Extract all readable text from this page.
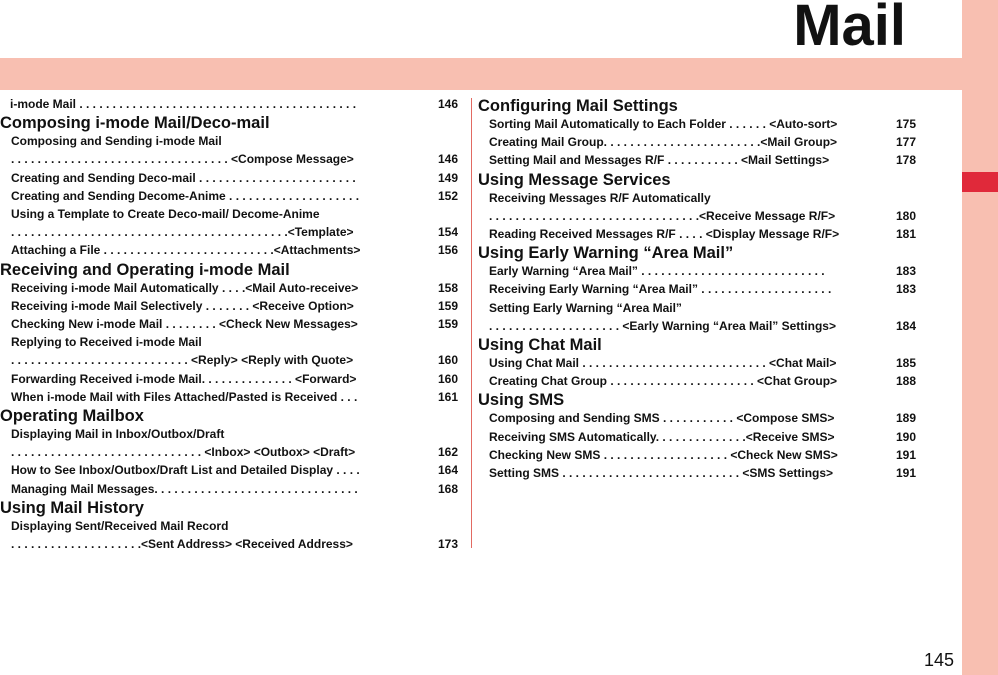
Mail
i-mode Mail . . . . . . . . . . . . . . . . . . . . . . . . . . . . . . . . . . . . . . . . . .	146
Composing i-mode Mail/Deco-mail
Composing and Sending i-mode Mail
. . . . . . . . . . . . . . . . . . . . . . . . . . . . . . . . . <Compose Message>	146
Creating and Sending Deco-mail . . . . . . . . . . . . . . . . . . . . . . . .	149
Creating and Sending Decome-Anime . . . . . . . . . . . . . . . . . . . .	152
Using a Template to Create Deco-mail/ Decome-Anime
. . . . . . . . . . . . . . . . . . . . . . . . . . . . . . . . . . . . . . . . . .<Template>	154
Attaching a File . . . . . . . . . . . . . . . . . . . . . . . . . .<Attachments>	156
Receiving and Operating i-mode Mail
Receiving i-mode Mail Automatically . . . .<Mail Auto-receive>	158
Receiving i-mode Mail Selectively . . . . . . . <Receive Option>	159
Checking New i-mode Mail . . . . . . . . <Check New Messages>	159
Replying to Received i-mode Mail
. . . . . . . . . . . . . . . . . . . . . . . . . . . <Reply> <Reply with Quote>	160
Forwarding Received i-mode Mail. . . . . . . . . . . . . . <Forward>	160
When i-mode Mail with Files Attached/Pasted is Received . . .	161
Operating Mailbox
Displaying Mail in Inbox/Outbox/Draft
. . . . . . . . . . . . . . . . . . . . . . . . . . . . . <Inbox> <Outbox> <Draft>	162
How to See Inbox/Outbox/Draft List and Detailed Display . . . .	164
Managing Mail Messages. . . . . . . . . . . . . . . . . . . . . . . . . . . . . . .	168
Using Mail History
Displaying Sent/Received Mail Record
. . . . . . . . . . . . . . . . . . . .<Sent Address> <Received Address>	173
Configuring Mail Settings
Sorting Mail Automatically to Each Folder . . . . . . <Auto-sort>	175
Creating Mail Group. . . . . . . . . . . . . . . . . . . . . . . .<Mail Group>	177
Setting Mail and Messages R/F . . . . . . . . . . . <Mail Settings>	178
Using Message Services
Receiving Messages R/F Automatically
. . . . . . . . . . . . . . . . . . . . . . . . . . . . . . . .<Receive Message R/F>	180
Reading Received Messages R/F . . . . <Display Message R/F>	181
Using Early Warning “Area Mail”
Early Warning “Area Mail” . . . . . . . . . . . . . . . . . . . . . . . . . . . .	183
Receiving Early Warning “Area Mail” . . . . . . . . . . . . . . . . . . . .	183
Setting Early Warning “Area Mail”
. . . . . . . . . . . . . . . . . . . . <Early Warning “Area Mail” Settings>	184
Using Chat Mail
Using Chat Mail . . . . . . . . . . . . . . . . . . . . . . . . . . . . <Chat Mail>	185
Creating Chat Group . . . . . . . . . . . . . . . . . . . . . . <Chat Group>	188
Using SMS
Composing and Sending SMS . . . . . . . . . . . <Compose SMS>	189
Receiving SMS Automatically. . . . . . . . . . . . . .<Receive SMS>	190
Checking New SMS . . . . . . . . . . . . . . . . . . . <Check New SMS>	191
Setting SMS . . . . . . . . . . . . . . . . . . . . . . . . . . . <SMS Settings>	191
145
